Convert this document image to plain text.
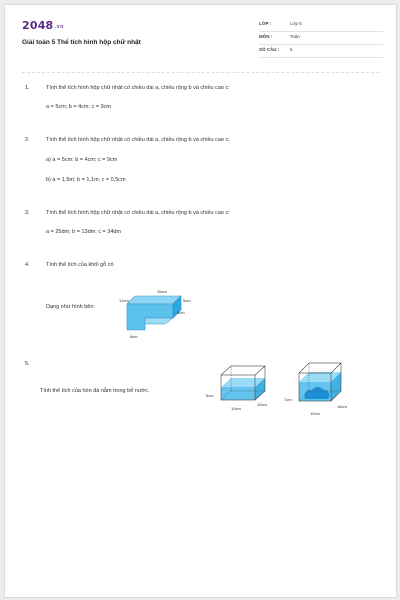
2048.vn
Giải toán 5 Thể tích hình hộp chữ nhật
LỚP :	Lớp 5
MÔN :	Toán
SỐ CÂU : 5
1.	Tính thể tích hình hộp chữ nhật có chiều dài a, chiều rộng b và chiều cao c:
a = 5cm; b = 4cm; c = 9cm
2.	Tính thể tích hình hộp chữ nhật có chiều dài a, chiều rộng b và chiều cao c:
a) a = 5cm; b = 4cm; c = 9cm
b) a = 1,5m; b = 1,1m; c = 0,5cm
3.	Tính thể tích hình hộp chữ nhật có chiều dài a, chiều rộng b và chiều cao c:
a = 25dm; b = 13dm; c = 34dm
4.	Tính thể tích của khối gỗ có
Dạng như hình bên:
15cm
12cm	5cm
6cm
8cm
5.
Tính thể tích của hòn đá nằm trong bể nước.
5cm
10cm
10cm
7cm
15cm
10cm
